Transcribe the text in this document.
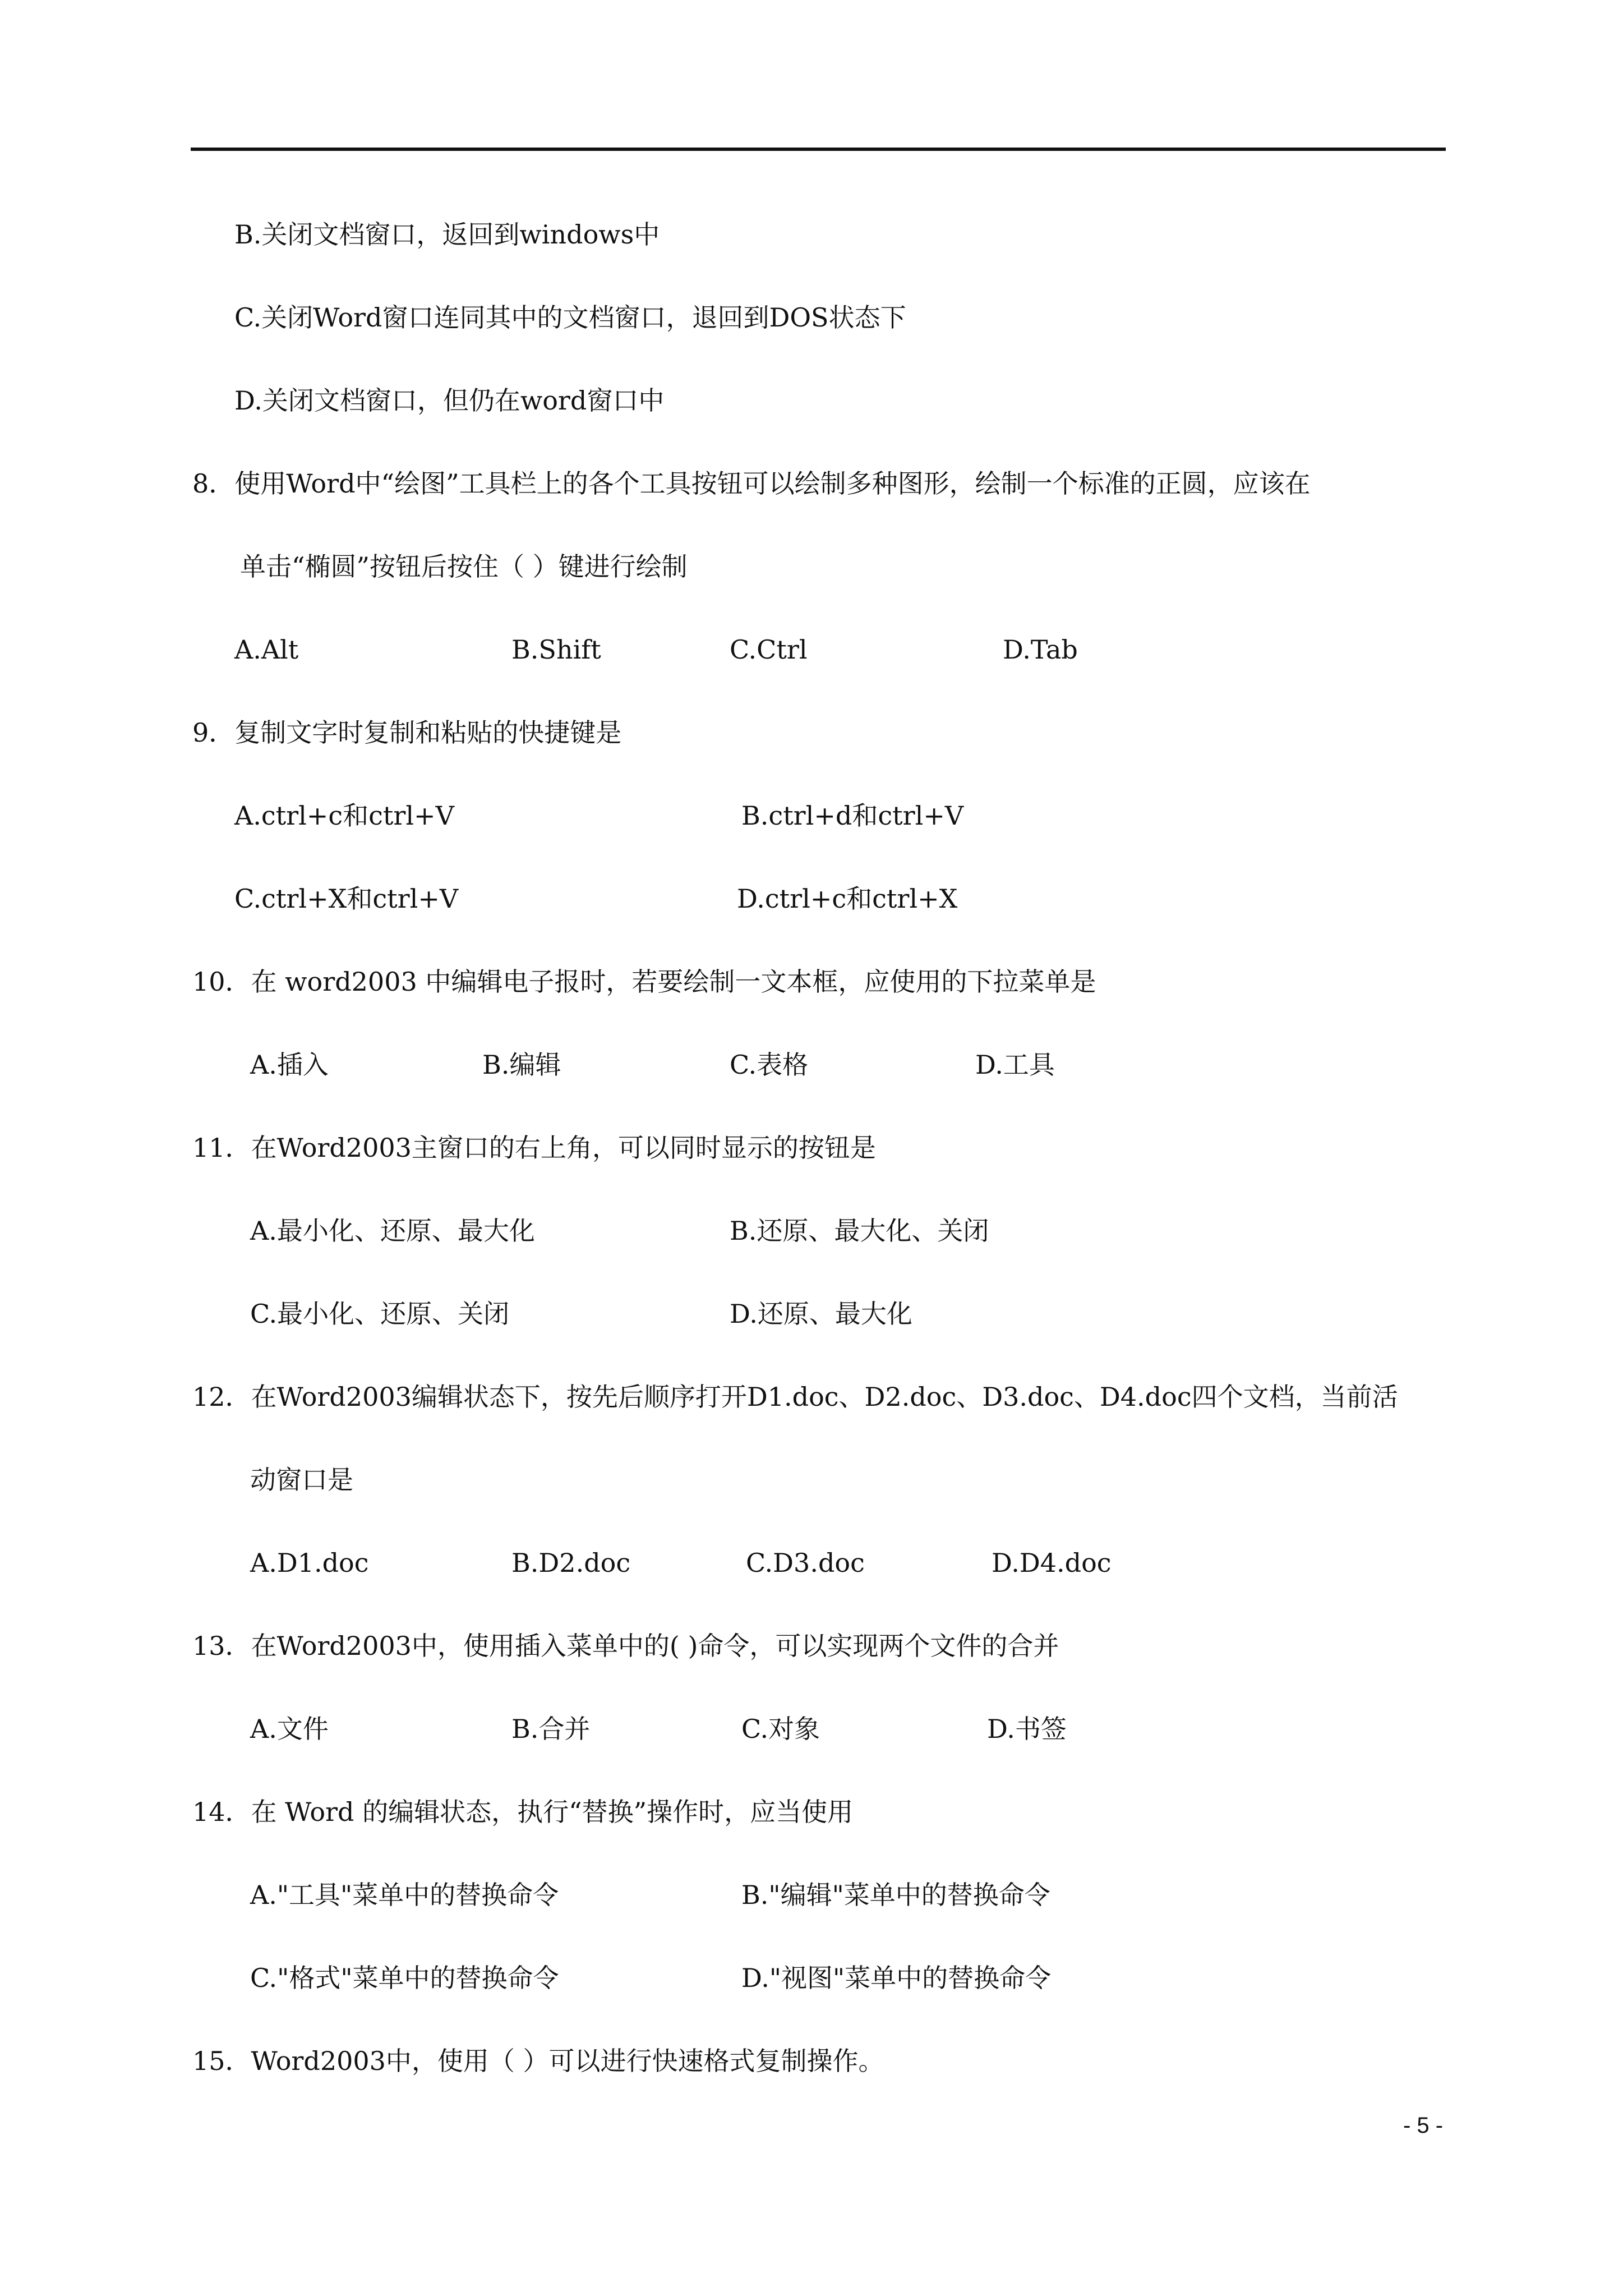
B.关闭文档窗口，返回到windows中
C.关闭Word窗口连同其中的文档窗口，退回到DOS状态下
D.关闭文档窗口，但仍在word窗口中
8．使用Word中“绘图”工具栏上的各个工具按钮可以绘制多种图形，绘制一个标准的正圆，应该在
单击“椭圆”按钮后按住（ ）键进行绘制
A.Alt	B.Shift	C.Ctrl	D.Tab
9．复制文字时复制和粘贴的快捷键是
A.ctrl+c和ctrl+V	B.ctrl+d和ctrl+V
C.ctrl+X和ctrl+V	D.ctrl+c和ctrl+X
10．在 word2003 中编辑电子报时，若要绘制一文本框，应使用的下拉菜单是
A.插入	B.编辑	C.表格	D.工具
11．在Word2003主窗口的右上角，可以同时显示的按钮是
A.最小化、还原、最大化	B.还原、最大化、关闭
C.最小化、还原、关闭	D.还原、最大化
12．在Word2003编辑状态下，按先后顺序打开D1.doc、D2.doc、D3.doc、D4.doc四个文档，当前活
动窗口是
A.D1.doc	B.D2.doc	C.D3.doc	D.D4.doc
13．在Word2003中，使用插入菜单中的( )命令，可以实现两个文件的合并
A.文件	B.合并	C.对象	D.书签
14．在 Word 的编辑状态，执行“替换”操作时，应当使用
A."工具"菜单中的替换命令	B."编辑"菜单中的替换命令
C."格式"菜单中的替换命令	D."视图"菜单中的替换命令
15．Word2003中，使用（ ）可以进行快速格式复制操作。
- 5 -
